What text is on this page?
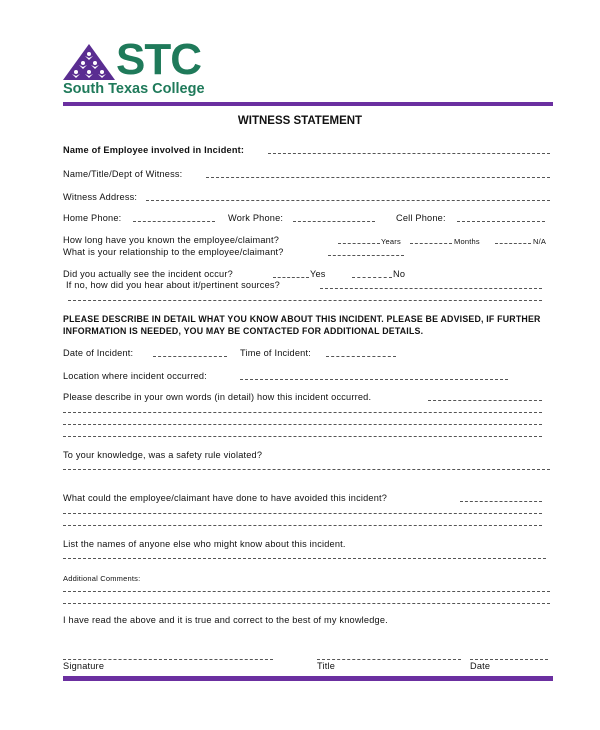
STC
South Texas College
WITNESS STATEMENT
Name of Employee involved in Incident:
Name/Title/Dept of Witness:
Witness Address:
Home Phone:	Work Phone:	Cell Phone:
How long have you known the employee/claimant?	Years	Months	N/A
What is your relationship to the employee/claimant?
Did you actually see the incident occur?	Yes	No
If no, how did you hear about it/pertinent sources?
PLEASE DESCRIBE IN DETAIL WHAT YOU KNOW ABOUT THIS INCIDENT. PLEASE BE ADVISED, IF FURTHER
INFORMATION IS NEEDED, YOU MAY BE CONTACTED FOR ADDITIONAL DETAILS.
Date of Incident:	Time of Incident:
Location where incident occurred:
Please describe in your own words (in detail) how this incident occurred.
To your knowledge, was a safety rule violated?
What could the employee/claimant have done to have avoided this incident?
List the names of anyone else who might know about this incident.
Additional Comments:
I have read the above and it is true and correct to the best of my knowledge.
Signature	Title	Date
